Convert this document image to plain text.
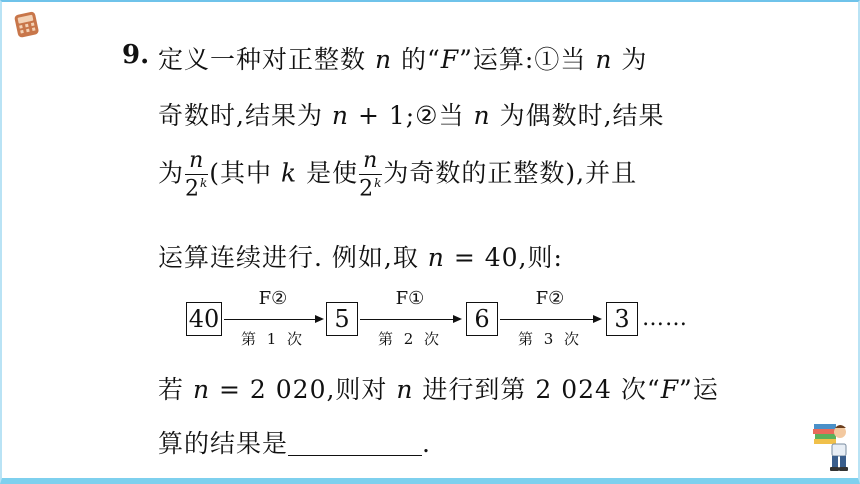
9. 定义一种对正整数 n 的“F”运算:①当 n 为
奇数时,结果为 n + 1;②当 n 为偶数时,结果
为 $\frac{n}{2^k}$ (其中 k 是使 $\frac{n}{2^k}$ 为奇数的正整数),并且
运算连续进行. 例如,取 n = 40,则:
40
F②
第 1 次
5
F①
第 2 次
6
F②
第 3 次
3 ……
若 n = 2 020,则对 n 进行到第 2 024 次“F”运
算的结果是	.
